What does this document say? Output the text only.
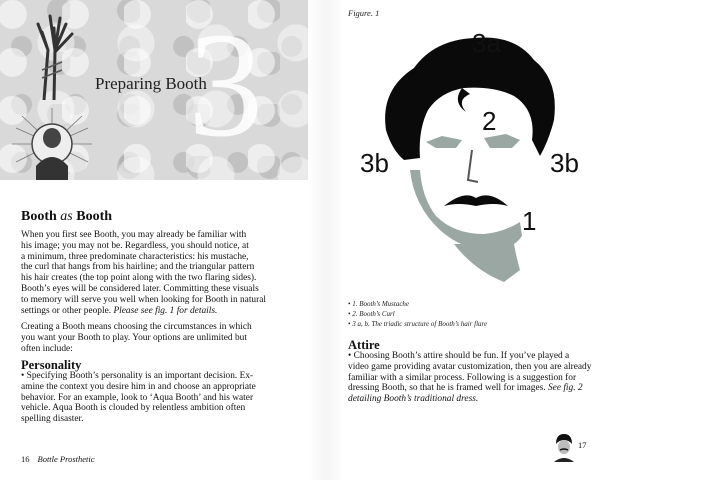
3
Preparing Booth
Booth as Booth

When you first see Booth, you may already be familiar with
his image; you may not be. Regardless, you should notice, at
a minimum, three predominate characteristics: his mustache,
the curl that hangs from his hairline; and the triangular pattern
his hair creates (the top point along with the two flaring sides).
Booth’s eyes will be considered later. Committing these visuals
to memory will serve you well when looking for Booth in natural
settings or other people. Please see fig. 1 for details.

Creating a Booth means choosing the circumstances in which
you want your Booth to play. Your options are unlimited but
often include:

Personality

• Specifying Booth’s personality is an important decision. Ex-
amine the context you desire him in and choose an appropriate
behavior. For an example, look to ‘Aqua Booth’ and his water
vehicle. Aqua Booth is clouded by relentless ambition often
spelling disaster.

16 Bottle Prosthetic
Figure. 1
3a
2
3b	3b
1
• 1. Booth’s Mustache
• 2. Booth’s Curl
• 3 a, b. The triadic structure of Booth’s hair flare
Attire

• Choosing Booth’s attire should be fun. If you’ve played a
video game providing avatar customization, then you are already
familiar with a similar process. Following is a suggestion for
dressing Booth, so that he is framed well for images. See fig. 2
detailing Booth’s traditional dress.

17
